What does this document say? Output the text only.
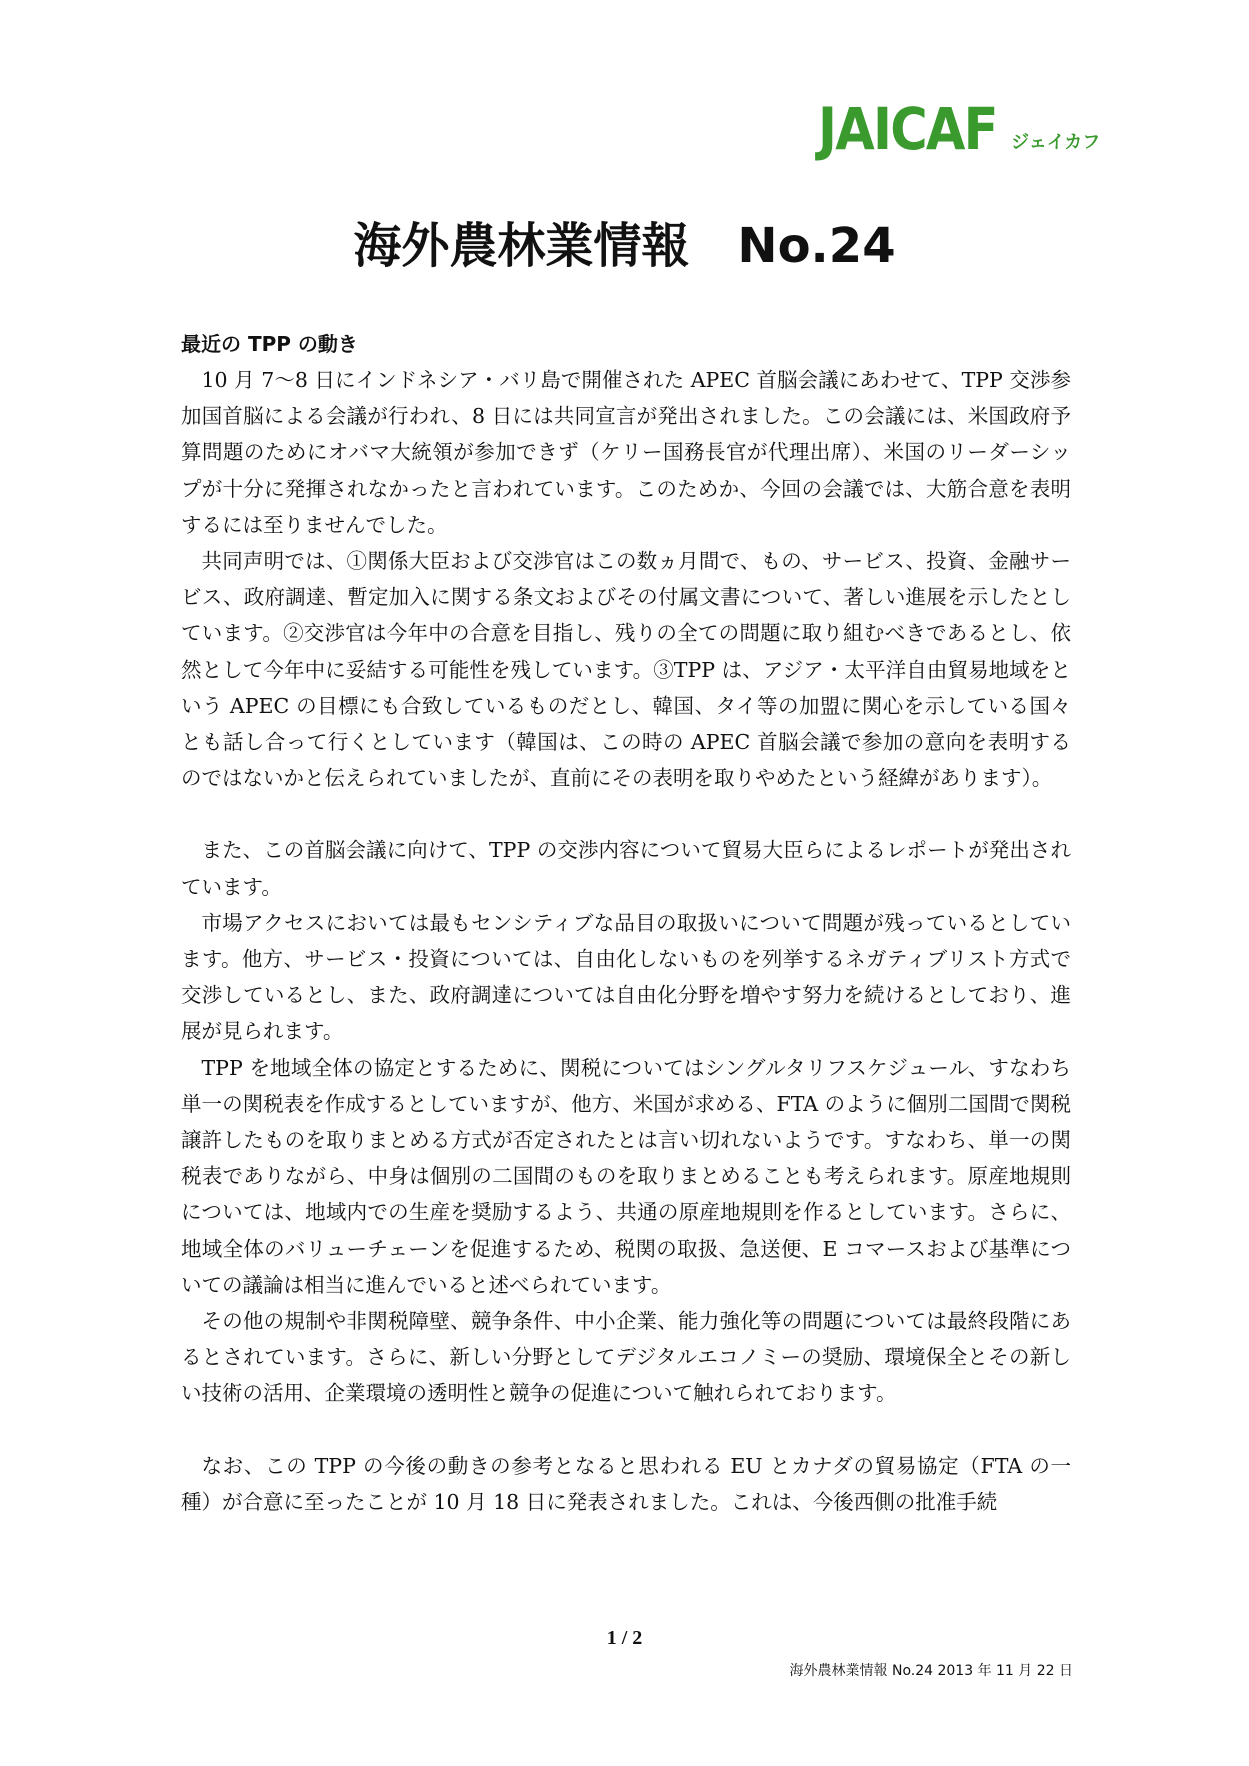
JAICAF ジェイカフ
海外農林業情報　No.24
最近の TPP の動き

10 月 7～8 日にインドネシア・バリ島で開催された APEC 首脳会議にあわせて、TPP 交渉参加国首脳による会議が行われ、8 日には共同宣言が発出されました。この会議には、米国政府予算問題のためにオバマ大統領が参加できず（ケリー国務長官が代理出席）、米国のリーダーシップが十分に発揮されなかったと言われています。このためか、今回の会議では、大筋合意を表明するには至りませんでした。

共同声明では、①関係大臣および交渉官はこの数ヵ月間で、もの、サービス、投資、金融サービス、政府調達、暫定加入に関する条文およびその付属文書について、著しい進展を示したとしています。②交渉官は今年中の合意を目指し、残りの全ての問題に取り組むべきであるとし、依然として今年中に妥結する可能性を残しています。③TPP は、アジア・太平洋自由貿易地域をという APEC の目標にも合致しているものだとし、韓国、タイ等の加盟に関心を示している国々とも話し合って行くとしています（韓国は、この時の APEC 首脳会議で参加の意向を表明するのではないかと伝えられていましたが、直前にその表明を取りやめたという経緯があります）。

また、この首脳会議に向けて、TPP の交渉内容について貿易大臣らによるレポートが発出されています。

市場アクセスにおいては最もセンシティブな品目の取扱いについて問題が残っているとしています。他方、サービス・投資については、自由化しないものを列挙するネガティブリスト方式で交渉しているとし、また、政府調達については自由化分野を増やす努力を続けるとしており、進展が見られます。

TPP を地域全体の協定とするために、関税についてはシングルタリフスケジュール、すなわち単一の関税表を作成するとしていますが、他方、米国が求める、FTA のように個別二国間で関税譲許したものを取りまとめる方式が否定されたとは言い切れないようです。すなわち、単一の関税表でありながら、中身は個別の二国間のものを取りまとめることも考えられます。原産地規則については、地域内での生産を奨励するよう、共通の原産地規則を作るとしています。さらに、地域全体のバリューチェーンを促進するため、税関の取扱、急送便、E コマースおよび基準についての議論は相当に進んでいると述べられています。

その他の規制や非関税障壁、競争条件、中小企業、能力強化等の問題については最終段階にあるとされています。さらに、新しい分野としてデジタルエコノミーの奨励、環境保全とその新しい技術の活用、企業環境の透明性と競争の促進について触れられております。

なお、この TPP の今後の動きの参考となると思われる EU とカナダの貿易協定（FTA の一種）が合意に至ったことが 10 月 18 日に発表されました。これは、今後西側の批准手続

1 / 2
海外農林業情報 No.24 2013 年 11 月 22 日
